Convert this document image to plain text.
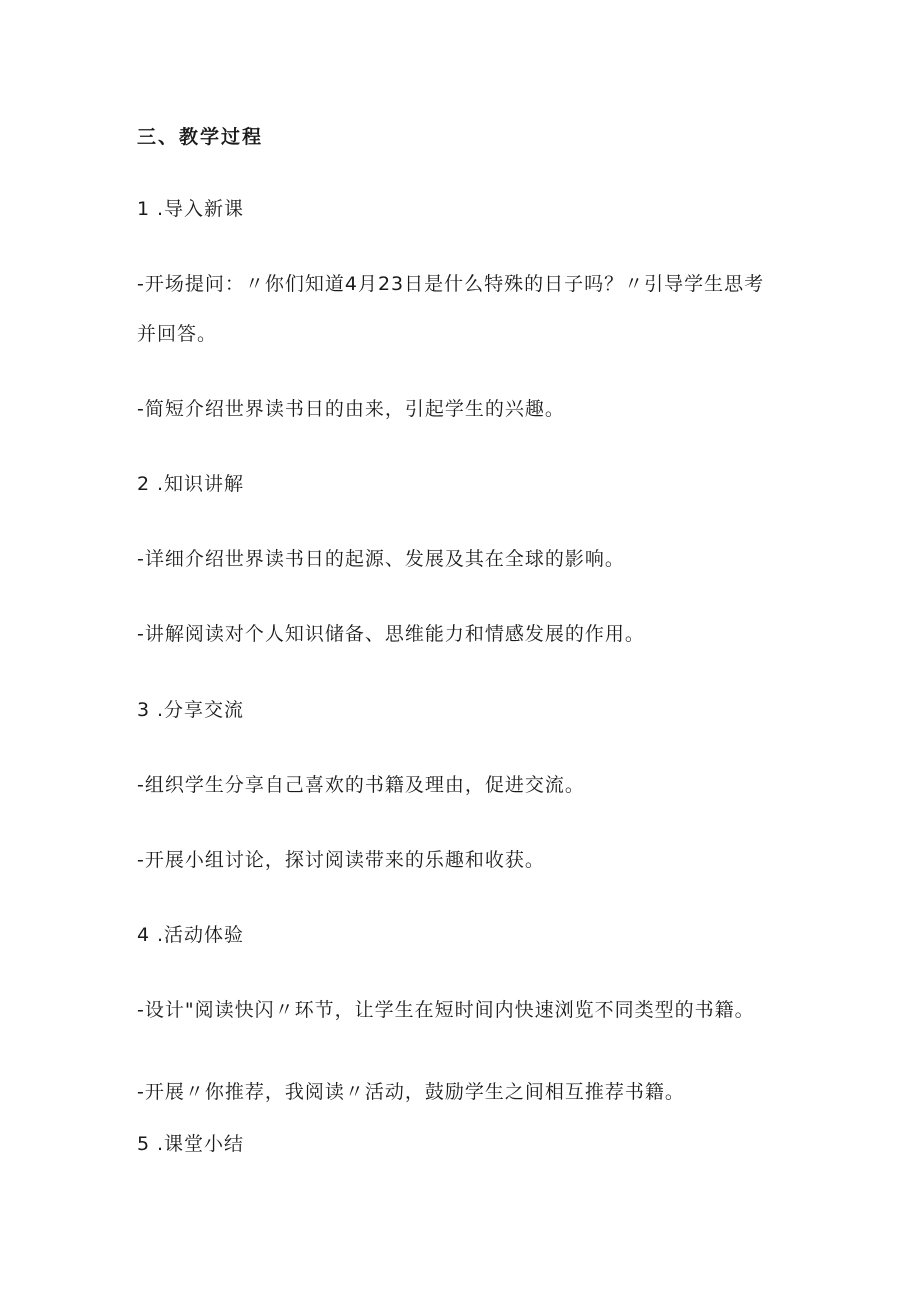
三、教学过程
1 .导入新课
-开场提问：〃你们知道4月23日是什么特殊的日子吗？〃引导学生思考
并回答。
-简短介绍世界读书日的由来，引起学生的兴趣。
2 .知识讲解
-详细介绍世界读书日的起源、发展及其在全球的影响。
-讲解阅读对个人知识储备、思维能力和情感发展的作用。
3 .分享交流
-组织学生分享自己喜欢的书籍及理由，促进交流。
-开展小组讨论，探讨阅读带来的乐趣和收获。
4 .活动体验
-设计"阅读快闪〃环节，让学生在短时间内快速浏览不同类型的书籍。
-开展〃你推荐，我阅读〃活动，鼓励学生之间相互推荐书籍。
5 .课堂小结
